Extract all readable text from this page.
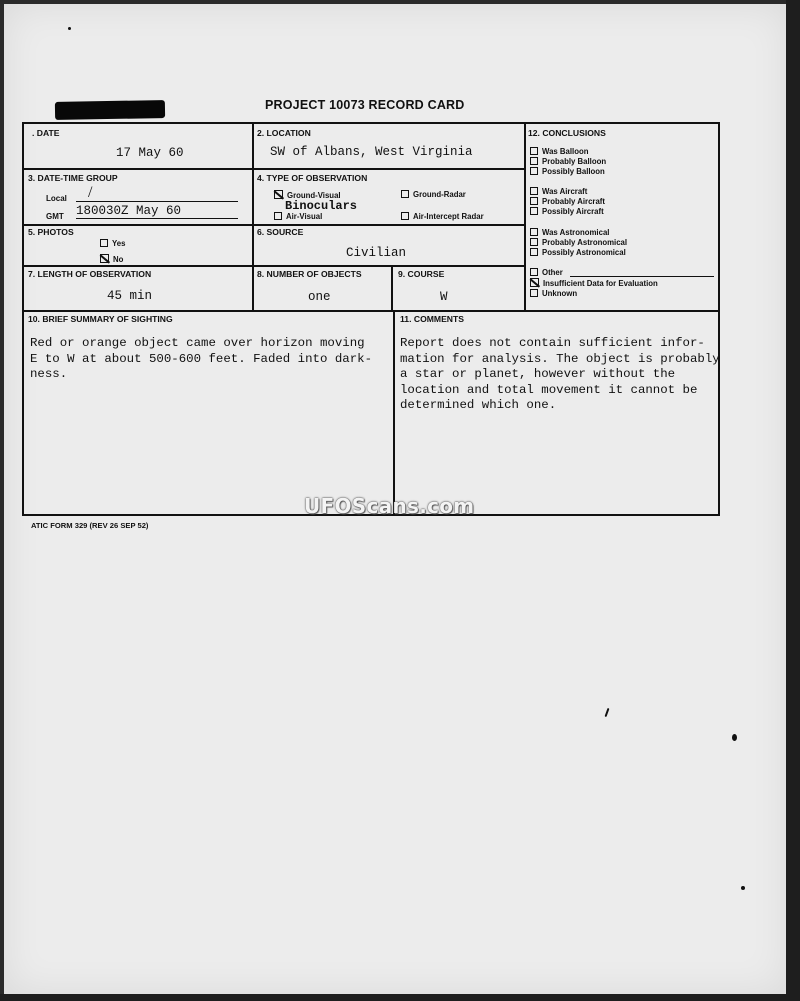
PROJECT 10073 RECORD CARD
. DATE
17 May 60
2. LOCATION
SW of Albans, West Virginia
3. DATE-TIME GROUP
Local /
GMT 180030Z May 60
4. TYPE OF OBSERVATION
Ground-Visual
Binoculars
Air-Visual
Ground-Radar
Air-Intercept Radar
5. PHOTOS
Yes
No
6. SOURCE
Civilian
7. LENGTH OF OBSERVATION
45 min
8. NUMBER OF OBJECTS
one
9. COURSE
W
10. BRIEF SUMMARY OF SIGHTING
Red or orange object came over horizon moving
E to W at about 500-600 feet. Faded into dark-
ness.
11. COMMENTS
Report does not contain sufficient infor-
mation for analysis. The object is probably
a star or planet, however without the
location and total movement it cannot be
determined which one.
12. CONCLUSIONS
Was Balloon
Probably Balloon
Possibly Balloon
Was Aircraft
Probably Aircraft
Possibly Aircraft
Was Astronomical
Probably Astronomical
Possibly Astronomical
Other
Insufficient Data for Evaluation
Unknown
ATIC FORM 329 (REV 26 SEP 52)
UFOScans.com
